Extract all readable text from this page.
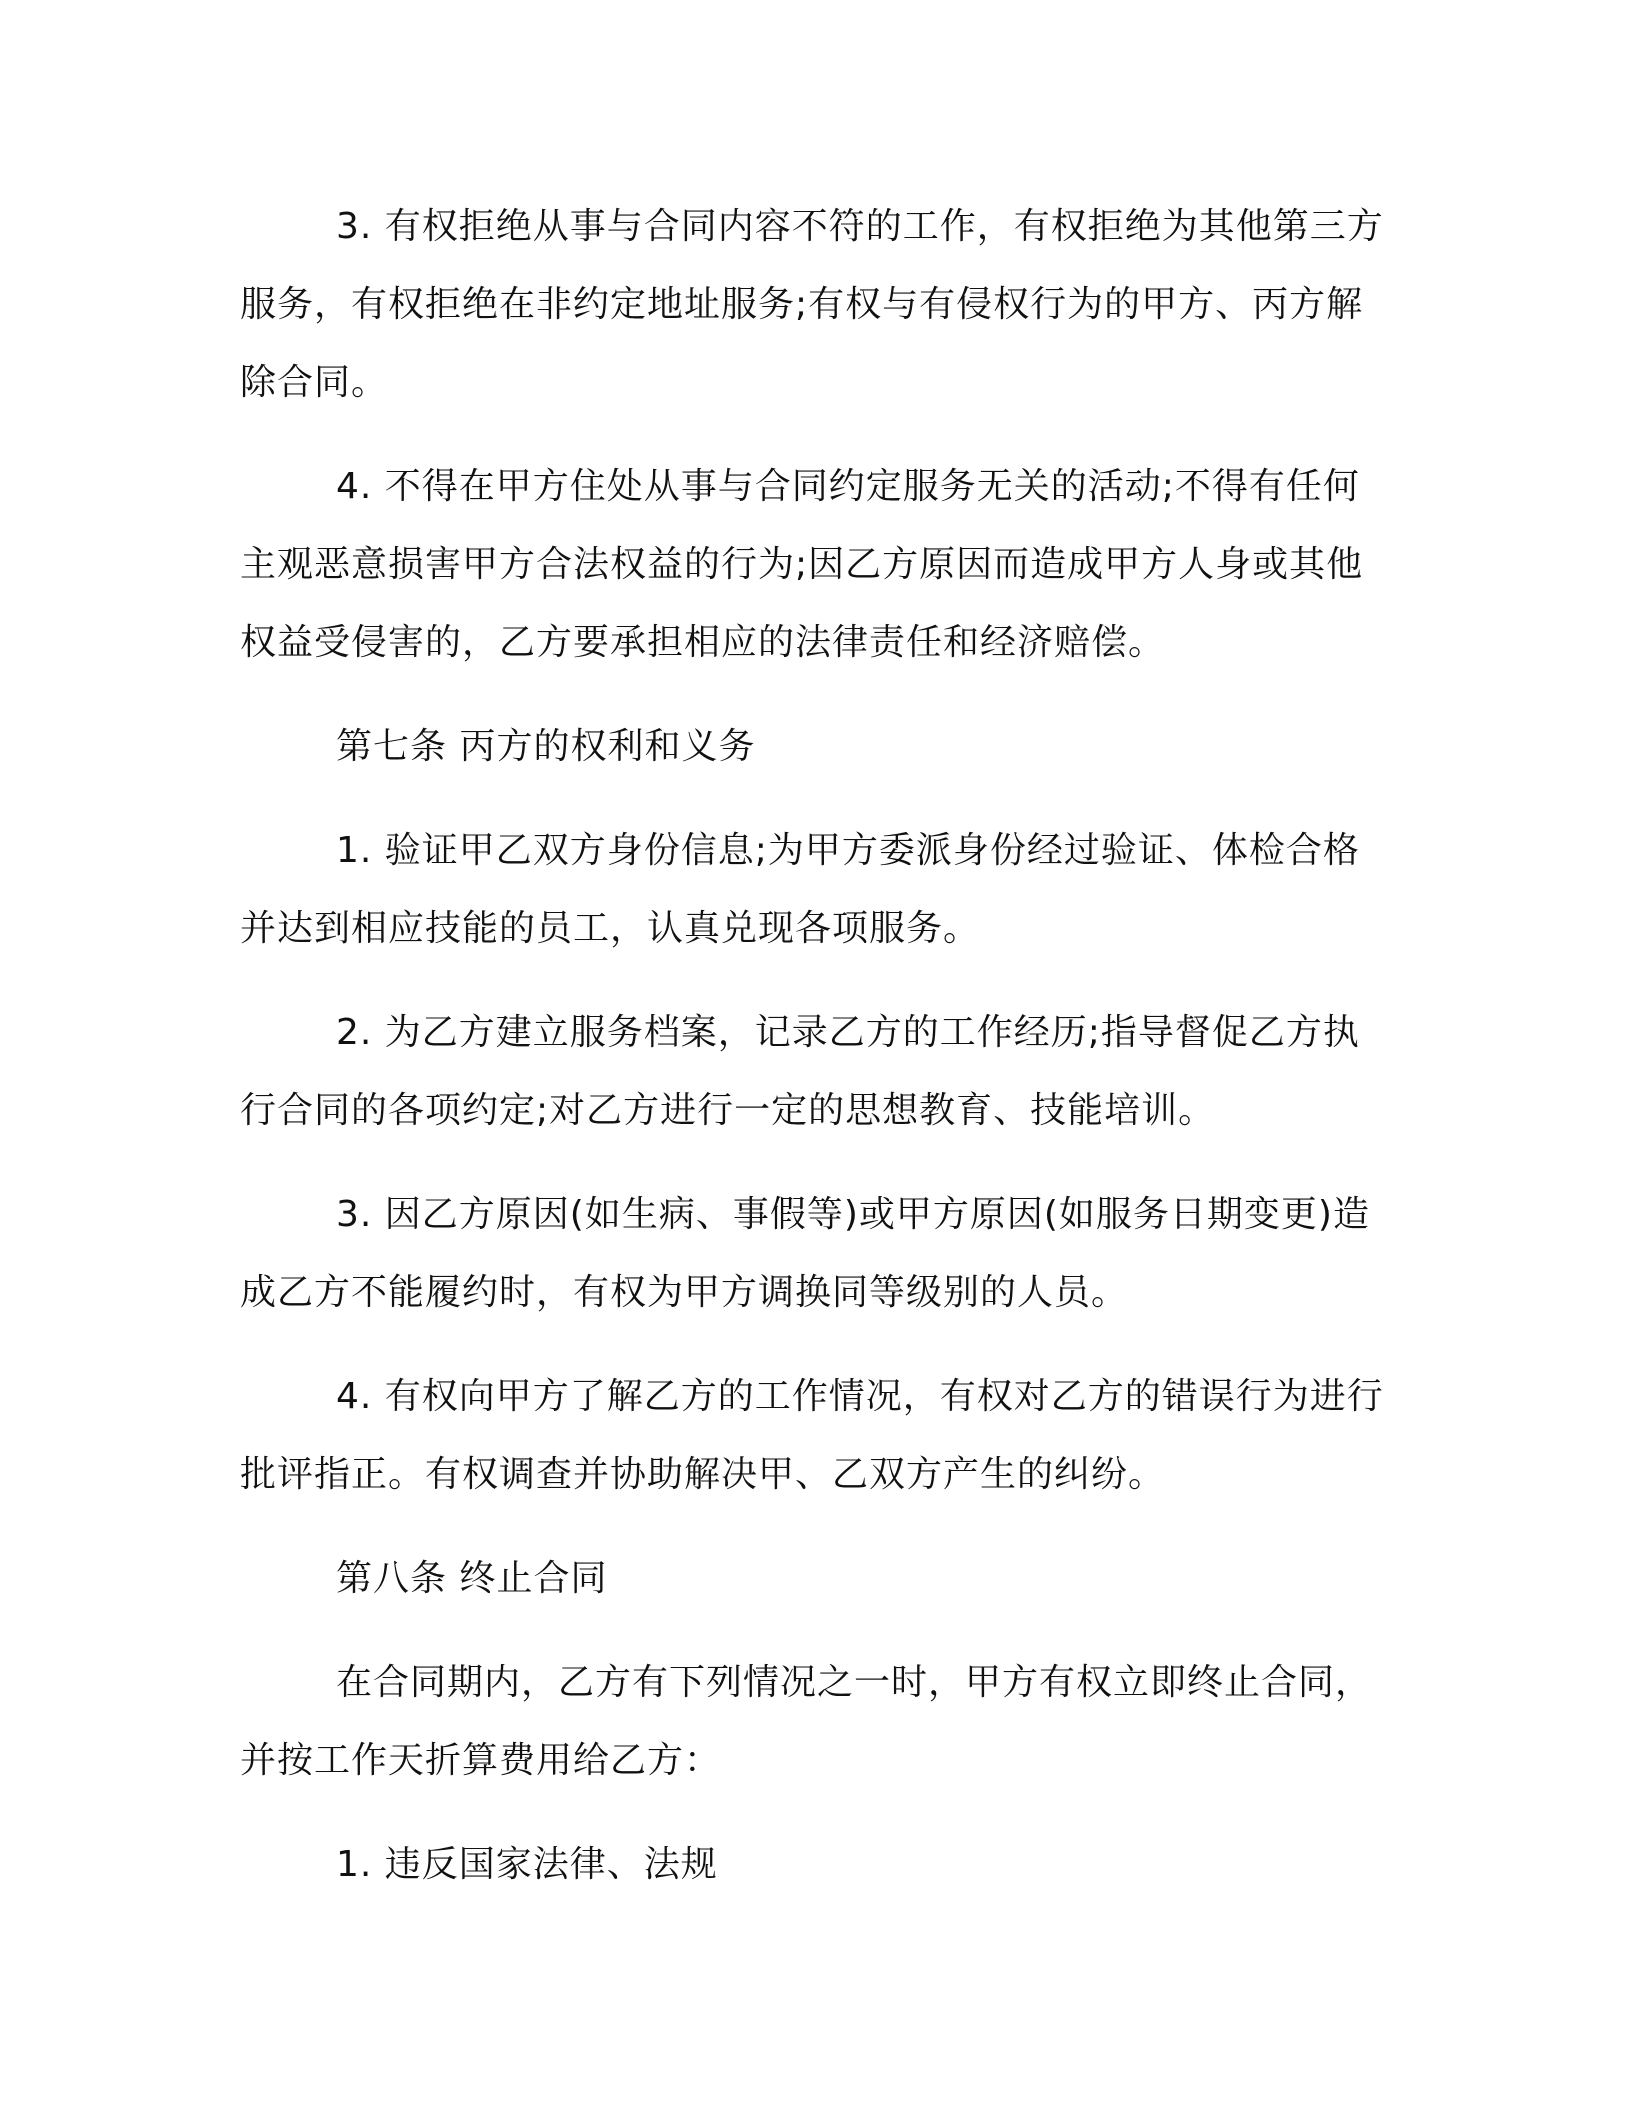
3. 有权拒绝从事与合同内容不符的工作，有权拒绝为其他第三方服务，有权拒绝在非约定地址服务;有权与有侵权行为的甲方、丙方解除合同。

4. 不得在甲方住处从事与合同约定服务无关的活动;不得有任何主观恶意损害甲方合法权益的行为;因乙方原因而造成甲方人身或其他权益受侵害的，乙方要承担相应的法律责任和经济赔偿。

第七条 丙方的权利和义务

1. 验证甲乙双方身份信息;为甲方委派身份经过验证、体检合格并达到相应技能的员工，认真兑现各项服务。

2. 为乙方建立服务档案，记录乙方的工作经历;指导督促乙方执行合同的各项约定;对乙方进行一定的思想教育、技能培训。

3. 因乙方原因(如生病、事假等)或甲方原因(如服务日期变更)造成乙方不能履约时，有权为甲方调换同等级别的人员。

4. 有权向甲方了解乙方的工作情况，有权对乙方的错误行为进行批评指正。有权调查并协助解决甲、乙双方产生的纠纷。

第八条 终止合同

在合同期内，乙方有下列情况之一时，甲方有权立即终止合同，并按工作天折算费用给乙方：

1. 违反国家法律、法规
